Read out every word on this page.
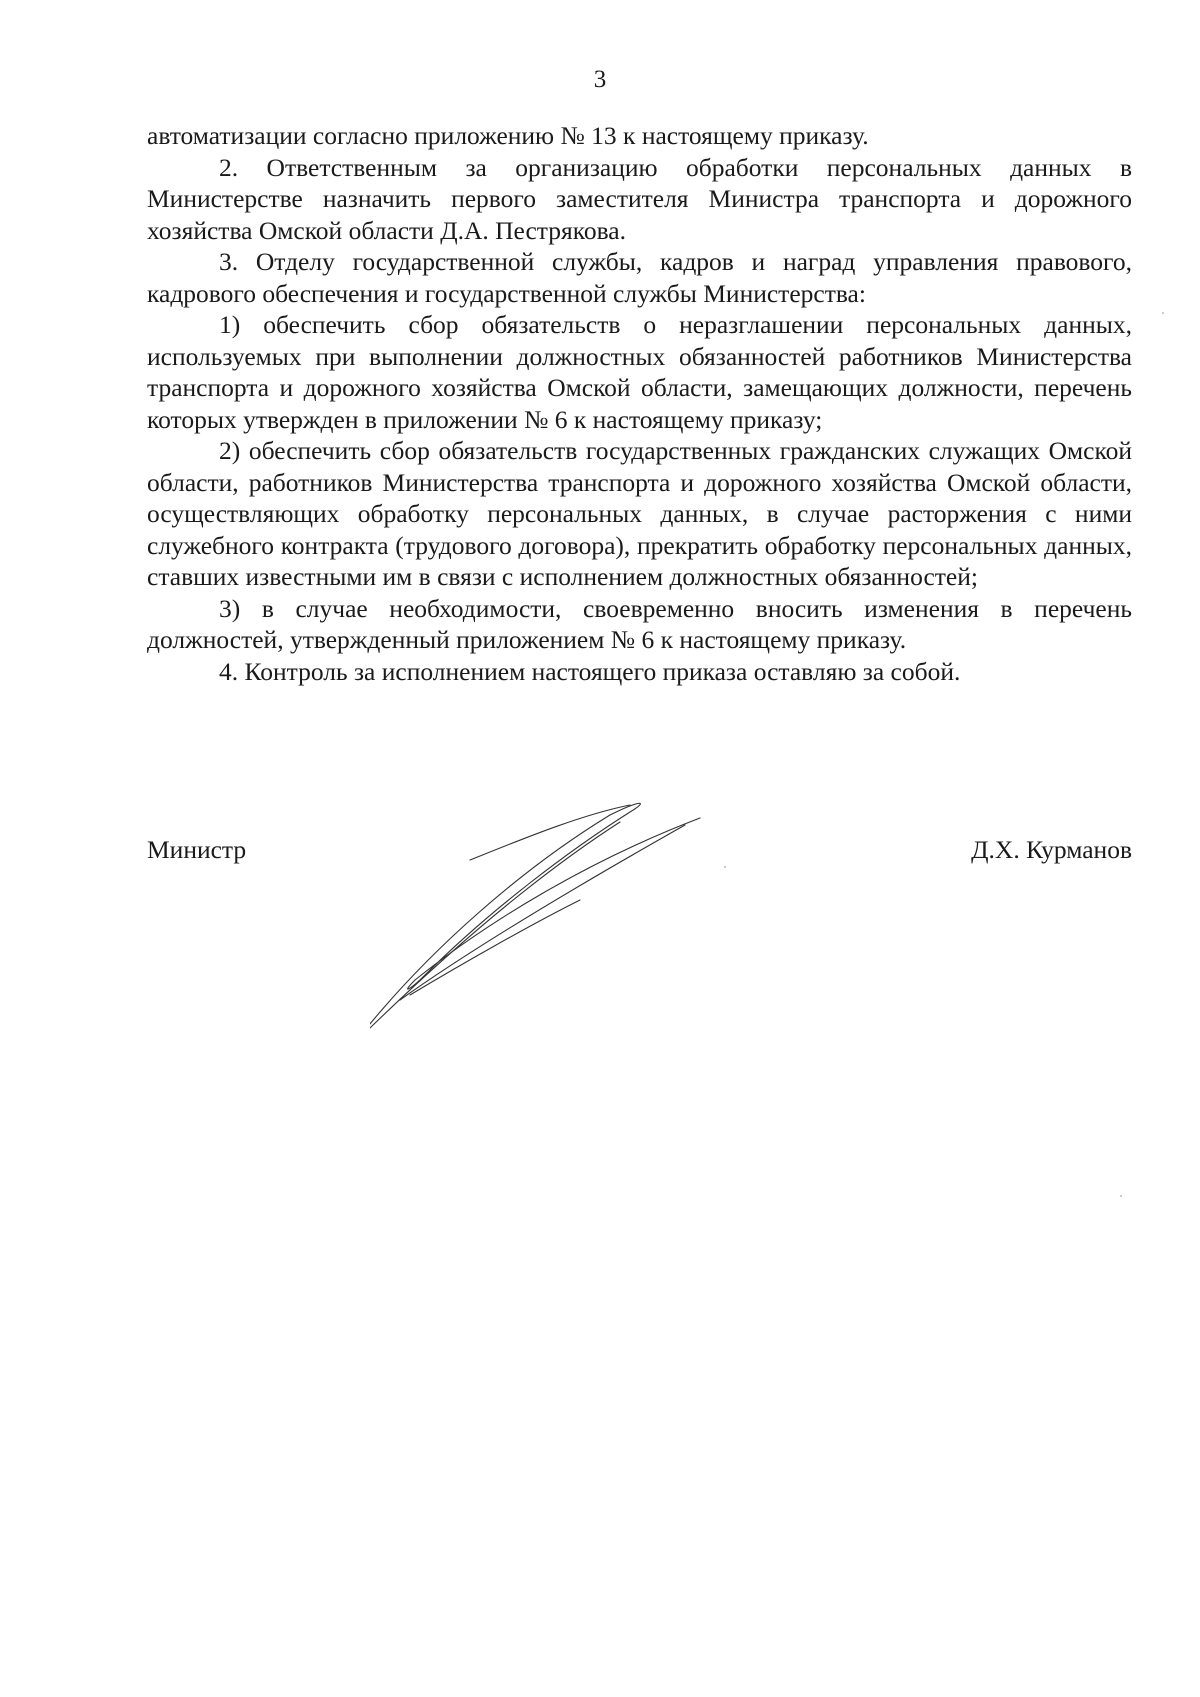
3

автоматизации согласно приложению № 13 к настоящему приказу.

2. Ответственным за организацию обработки персональных данных в Министерстве назначить первого заместителя Министра транспорта и дорожного хозяйства Омской области Д.А. Пестрякова.

3. Отделу государственной службы, кадров и наград управления правового, кадрового обеспечения и государственной службы Министерства:

1) обеспечить сбор обязательств о неразглашении персональных данных, используемых при выполнении должностных обязанностей работников Министерства транспорта и дорожного хозяйства Омской области, замещающих должности, перечень которых утвержден в приложении № 6 к настоящему приказу;

2) обеспечить сбор обязательств государственных гражданских служащих Омской области, работников Министерства транспорта и дорожного хозяйства Омской области, осуществляющих обработку персональных данных, в случае расторжения с ними служебного контракта (трудового договора), прекратить обработку персональных данных, ставших известными им в связи с исполнением должностных обязанностей;

3) в случае необходимости, своевременно вносить изменения в перечень должностей, утвержденный приложением № 6 к настоящему приказу.

4. Контроль за исполнением настоящего приказа оставляю за собой.

Министр	Д.Х. Курманов
